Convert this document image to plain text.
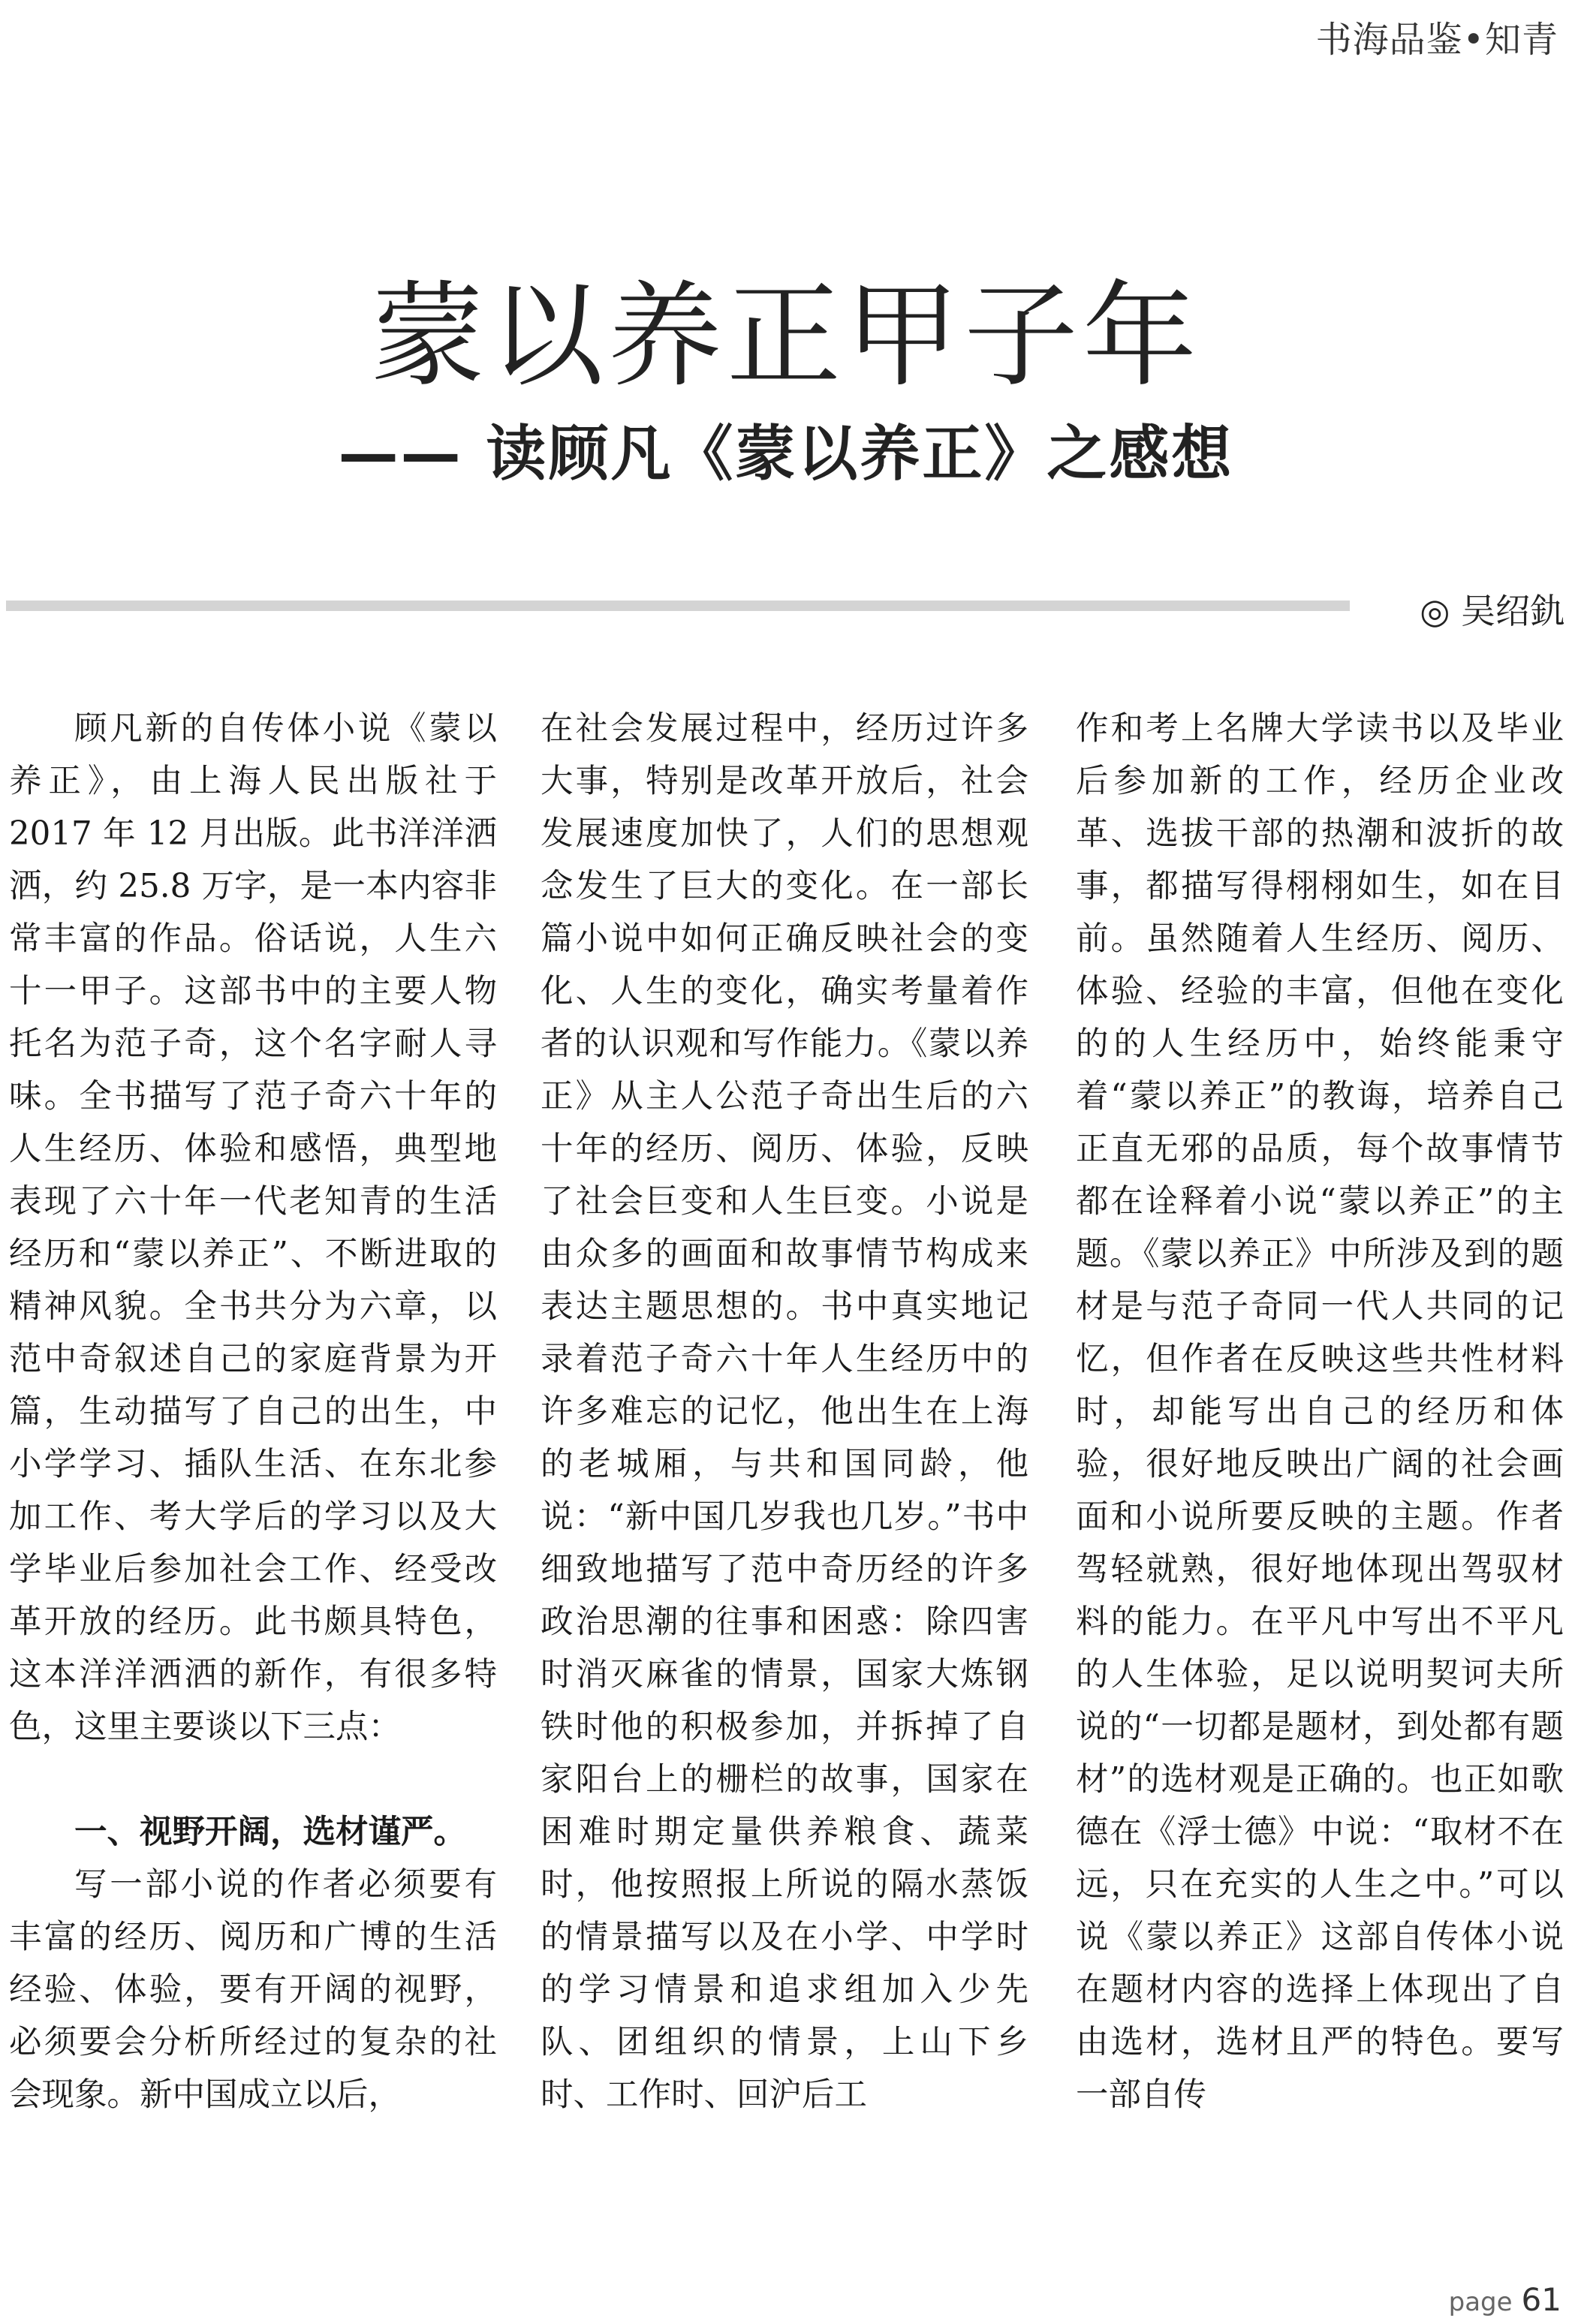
书海品鉴•知青
蒙以养正甲子年
—— 读顾凡《蒙以养正》之感想
◎ 吴绍釚

顾凡新的自传体小说《蒙以养正》，由上海人民出版社于 2017 年 12 月出版。此书洋洋洒洒，约 25.8 万字，是一本内容非常丰富的作品。俗话说，人生六十一甲子。这部书中的主要人物托名为范子奇，这个名字耐人寻味。全书描写了范子奇六十年的人生经历、体验和感悟，典型地表现了六十年一代老知青的生活经历和“蒙以养正”、不断进取的精神风貌。全书共分为六章，以范中奇叙述自己的家庭背景为开篇，生动描写了自己的出生，中小学学习、插队生活、在东北参加工作、考大学后的学习以及大学毕业后参加社会工作、经受改革开放的经历。此书颇具特色，这本洋洋洒洒的新作，有很多特色，这里主要谈以下三点：

一、视野开阔，选材谨严。

写一部小说的作者必须要有丰富的经历、阅历和广博的生活经验、体验，要有开阔的视野，必须要会分析所经过的复杂的社会现象。新中国成立以后，

在社会发展过程中，经历过许多大事，特别是改革开放后，社会发展速度加快了，人们的思想观念发生了巨大的变化。在一部长篇小说中如何正确反映社会的变化、人生的变化，确实考量着作者的认识观和写作能力。《蒙以养正》从主人公范子奇出生后的六十年的经历、阅历、体验，反映了社会巨变和人生巨变。小说是由众多的画面和故事情节构成来表达主题思想的。书中真实地记录着范子奇六十年人生经历中的许多难忘的记忆，他出生在上海的老城厢，与共和国同龄，他说：“新中国几岁我也几岁。”书中细致地描写了范中奇历经的许多政治思潮的往事和困惑：除四害时消灭麻雀的情景，国家大炼钢铁时他的积极参加，并拆掉了自家阳台上的栅栏的故事，国家在困难时期定量供养粮食、蔬菜时，他按照报上所说的隔水蒸饭的情景描写以及在小学、中学时的学习情景和追求组加入少先队、团组织的情景，上山下乡时、工作时、回沪后工

作和考上名牌大学读书以及毕业后参加新的工作，经历企业改革、选拔干部的热潮和波折的故事，都描写得栩栩如生，如在目前。虽然随着人生经历、阅历、体验、经验的丰富，但他在变化的的人生经历中，始终能秉守着“蒙以养正”的教诲，培养自己正直无邪的品质，每个故事情节都在诠释着小说“蒙以养正”的主题。《蒙以养正》中所涉及到的题材是与范子奇同一代人共同的记忆，但作者在反映这些共性材料时，却能写出自己的经历和体验，很好地反映出广阔的社会画面和小说所要反映的主题。作者驾轻就熟，很好地体现出驾驭材料的能力。在平凡中写出不平凡的人生体验，足以说明契诃夫所说的“一切都是题材，到处都有题材”的选材观是正确的。也正如歌德在《浮士德》中说：“取材不在远，只在充实的人生之中。”可以说《蒙以养正》这部自传体小说在题材内容的选择上体现出了自由选材，选材且严的特色。要写一部自传

page 61
